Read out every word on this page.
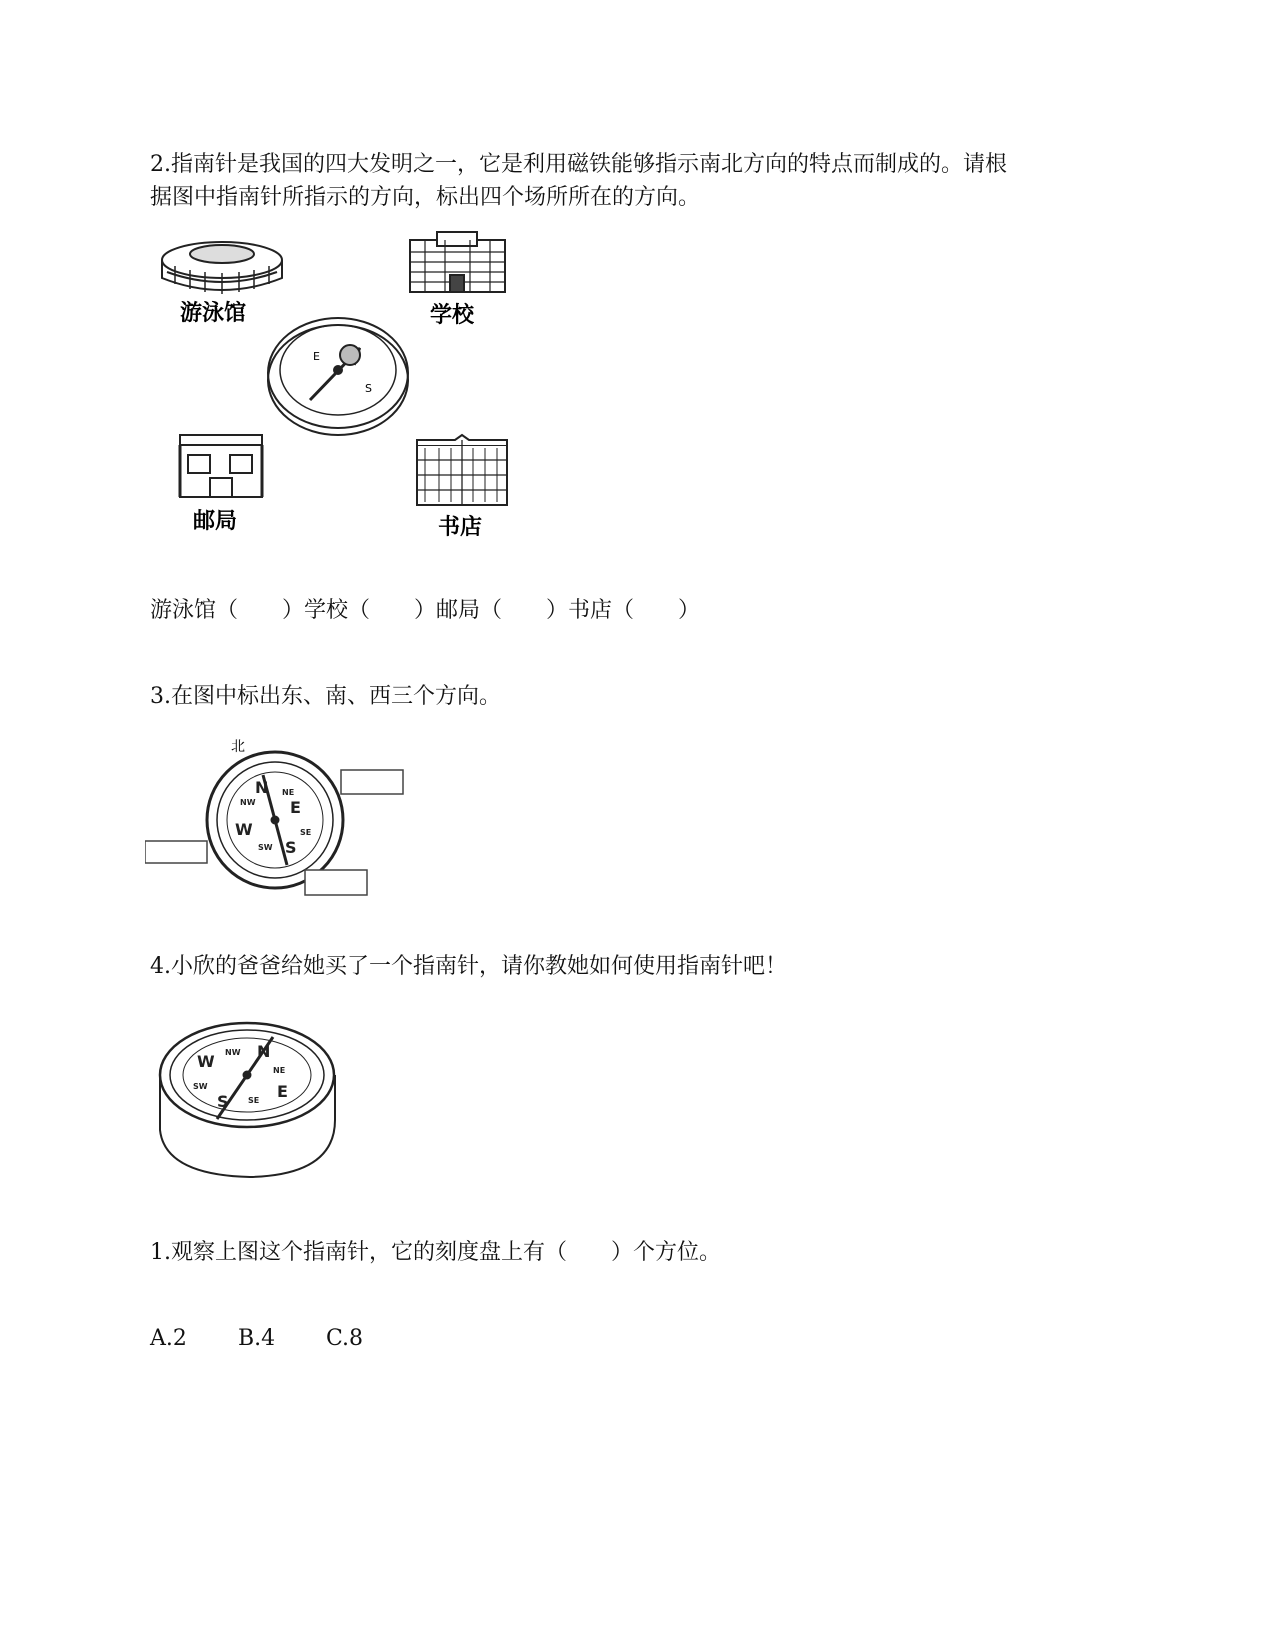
2.指南针是我国的四大发明之一，它是利用磁铁能够指示南北方向的特点而制成的。请根

据图中指南针所指示的方向，标出四个场所所在的方向。

游泳馆	学校
E
S
邮局	书店

游泳馆（　　）学校（　　）邮局（　　）书店（　　）

3.在图中标出东、南、西三个方向。

北
N
E
S
W
NE
SE
NW
SW

4.小欣的爸爸给她买了一个指南针，请你教她如何使用指南针吧！

N
E
S
W	NE
SE
NW
SW

1.观察上图这个指南针，它的刻度盘上有（　　）个方位。

A.2 B.4 C.8
